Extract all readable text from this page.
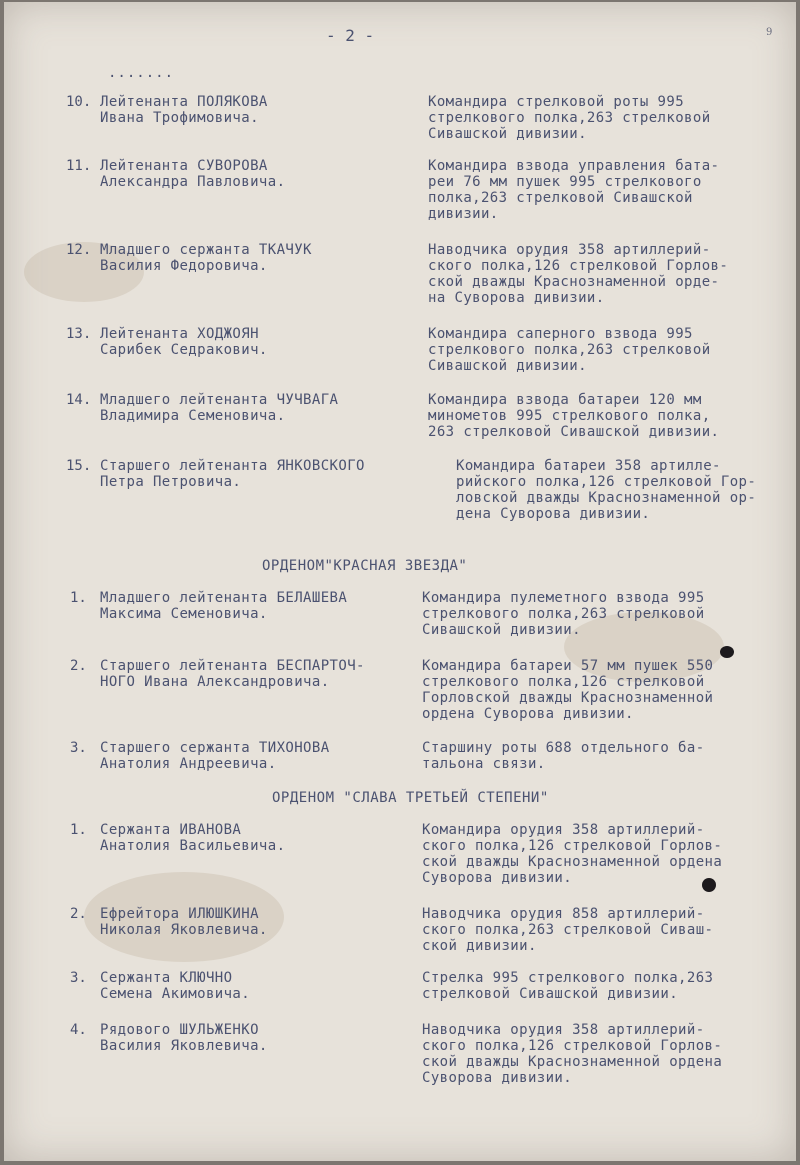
- 2 -	9
.......
10. Лейтенанта ПОЛЯКОВА
Ивана Трофимовича.
Командира стрелковой роты 995
стрелкового полка,263 стрелковой
Сивашской дивизии.
11. Лейтенанта СУВОРОВА
Александра Павловича.
Командира взвода управления бата-
реи 76 мм пушек 995 стрелкового
полка,263 стрелковой Сивашской
дивизии.
12. Младшего сержанта ТКАЧУК
Василия Федоровича.
Наводчика орудия 358 артиллерий-
ского полка,126 стрелковой Горлов-
ской дважды Краснознаменной орде-
на Суворова дивизии.
13. Лейтенанта ХОДЖОЯН
Сарибек Седракович.
Командира саперного взвода 995
стрелкового полка,263 стрелковой
Сивашской дивизии.
14. Младшего лейтенанта ЧУЧВАГА
Владимира Семеновича.
Командира взвода батареи 120 мм
минометов 995 стрелкового полка,
263 стрелковой Сивашской дивизии.
15. Старшего лейтенанта ЯНКОВСКОГО
Петра Петровича.
Командира батареи 358 артилле-
рийского полка,126 стрелковой Гор-
ловской дважды Краснознаменной ор-
дена Суворова дивизии.
ОРДЕНОМ"КРАСНАЯ ЗВЕЗДА"
1. Младшего лейтенанта БЕЛАШЕВА
Максима Семеновича.
Командира пулеметного взвода 995
стрелкового полка,263 стрелковой
Сивашской дивизии.
2. Старшего лейтенанта БЕСПАРТОЧ-
НОГО Ивана Александровича.
Командира батареи 57 мм пушек 550
стрелкового полка,126 стрелковой
Горловской дважды Краснознаменной
ордена Суворова дивизии.
3. Старшего сержанта ТИХОНОВА
Анатолия Андреевича.
Старшину роты 688 отдельного ба-
тальона связи.
ОРДЕНОМ "СЛАВА ТРЕТЬЕЙ СТЕПЕНИ"
1. Сержанта ИВАНОВА
Анатолия Васильевича.
Командира орудия 358 артиллерий-
ского полка,126 стрелковой Горлов-
ской дважды Краснознаменной ордена
Суворова дивизии.
2. Ефрейтора ИЛЮШКИНА
Николая Яковлевича.
Наводчика орудия 858 артиллерий-
ского полка,263 стрелковой Сиваш-
ской дивизии.
3. Сержанта КЛЮЧНО
Семена Акимовича.
Стрелка 995 стрелкового полка,263
стрелковой Сивашской дивизии.
4. Рядового ШУЛЬЖЕНКО
Василия Яковлевича.
Наводчика орудия 358 артиллерий-
ского полка,126 стрелковой Горлов-
ской дважды Краснознаменной ордена
Суворова дивизии.
